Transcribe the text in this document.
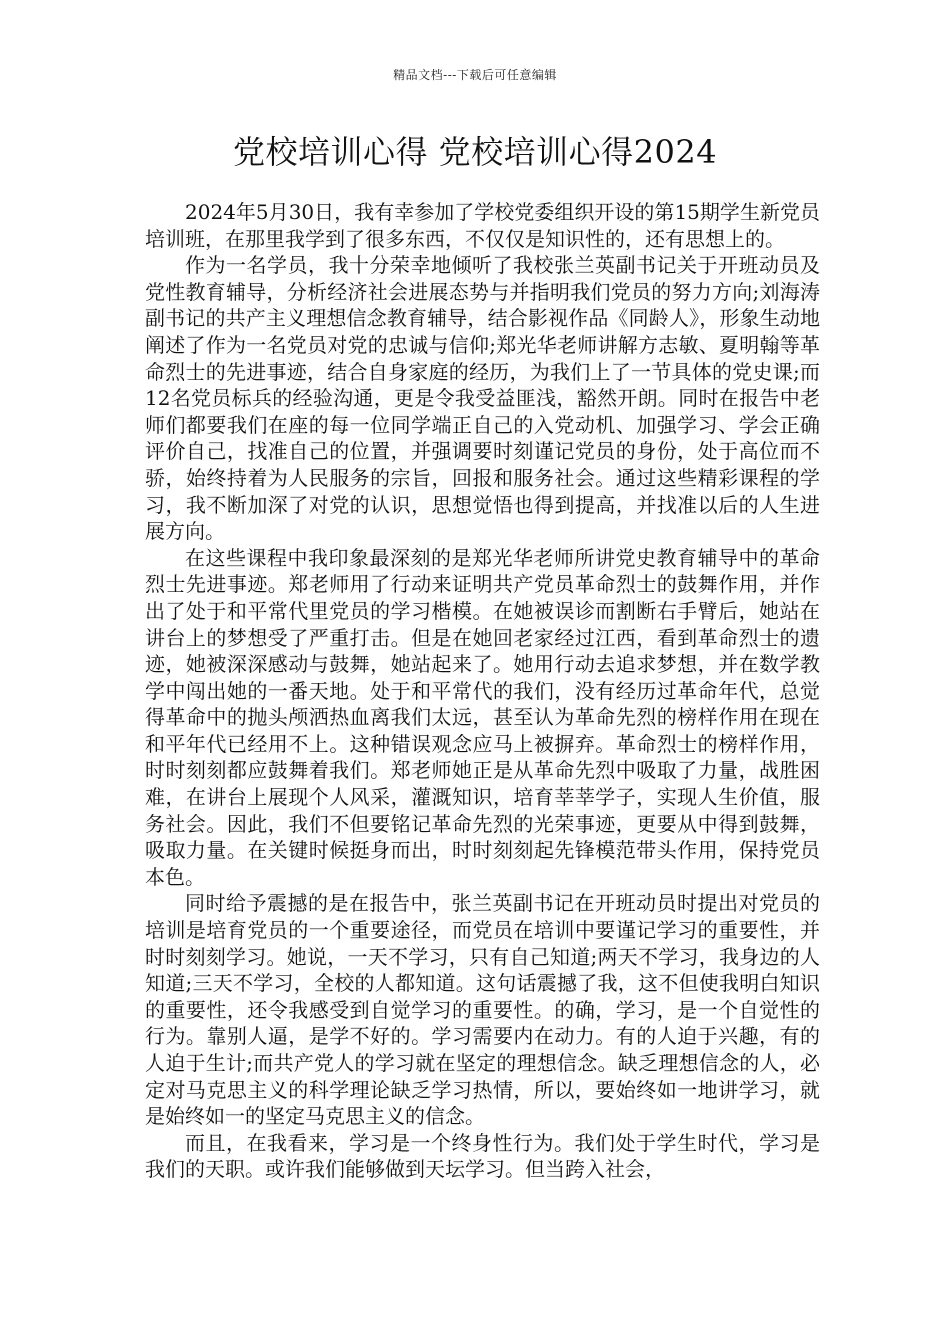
精品文档---下载后可任意编辑
党校培训心得 党校培训心得2024

2024年5月30日，我有幸参加了学校党委组织开设的第15期学生新党员培训班，在那里我学到了很多东西，不仅仅是知识性的，还有思想上的。

作为一名学员，我十分荣幸地倾听了我校张兰英副书记关于开班动员及党性教育辅导，分析经济社会进展态势与并指明我们党员的努力方向;刘海涛副书记的共产主义理想信念教育辅导，结合影视作品《同龄人》，形象生动地阐述了作为一名党员对党的忠诚与信仰;郑光华老师讲解方志敏、夏明翰等革命烈士的先进事迹，结合自身家庭的经历，为我们上了一节具体的党史课;而12名党员标兵的经验沟通，更是令我受益匪浅，豁然开朗。同时在报告中老师们都要我们在座的每一位同学端正自己的入党动机、加强学习、学会正确评价自己，找准自己的位置，并强调要时刻谨记党员的身份，处于高位而不骄，始终持着为人民服务的宗旨，回报和服务社会。通过这些精彩课程的学习，我不断加深了对党的认识，思想觉悟也得到提高，并找准以后的人生进展方向。

在这些课程中我印象最深刻的是郑光华老师所讲党史教育辅导中的革命烈士先进事迹。郑老师用了行动来证明共产党员革命烈士的鼓舞作用，并作出了处于和平常代里党员的学习楷模。在她被误诊而割断右手臂后，她站在讲台上的梦想受了严重打击。但是在她回老家经过江西，看到革命烈士的遗迹，她被深深感动与鼓舞，她站起来了。她用行动去追求梦想，并在数学教学中闯出她的一番天地。处于和平常代的我们，没有经历过革命年代，总觉得革命中的抛头颅洒热血离我们太远，甚至认为革命先烈的榜样作用在现在和平年代已经用不上。这种错误观念应马上被摒弃。革命烈士的榜样作用，时时刻刻都应鼓舞着我们。郑老师她正是从革命先烈中吸取了力量，战胜困难，在讲台上展现个人风采，灌溉知识，培育莘莘学子，实现人生价值，服务社会。因此，我们不但要铭记革命先烈的光荣事迹，更要从中得到鼓舞，吸取力量。在关键时候挺身而出，时时刻刻起先锋模范带头作用，保持党员本色。

同时给予震撼的是在报告中，张兰英副书记在开班动员时提出对党员的培训是培育党员的一个重要途径，而党员在培训中要谨记学习的重要性，并时时刻刻学习。她说，一天不学习，只有自己知道;两天不学习，我身边的人知道;三天不学习，全校的人都知道。这句话震撼了我，这不但使我明白知识的重要性，还令我感受到自觉学习的重要性。的确，学习，是一个自觉性的行为。靠别人逼，是学不好的。学习需要内在动力。有的人迫于兴趣，有的人迫于生计;而共产党人的学习就在坚定的理想信念。缺乏理想信念的人，必定对马克思主义的科学理论缺乏学习热情，所以，要始终如一地讲学习，就是始终如一的坚定马克思主义的信念。

而且，在我看来，学习是一个终身性行为。我们处于学生时代，学习是我们的天职。或许我们能够做到天坛学习。但当跨入社会，
